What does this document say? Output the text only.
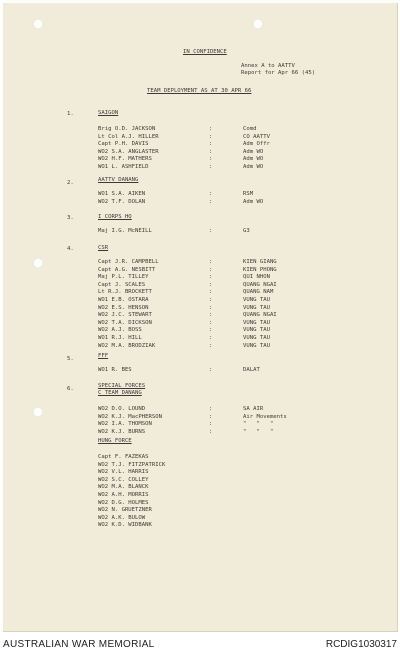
IN CONFIDENCE
Annex A to AATTV
Report for Apr 66 (45)
TEAM DEPLOYMENT AS AT 30 APR 66
1.	SAIGON
Brig O.D. JACKSON	:	Comd
Lt Col A.J. HILLER	:	CO AATTV
Capt P.H. DAVIS	:	Adm Offr
WO2 S.A. ANGLASTER	:	Adm WO
WO2 H.F. MATHERS	:	Adm WO
WO1 L. ASHFIELD	:	Adm WO
2.	AATTV DANANG
WO1 S.A. AIKEN	:	RSM
WO2 T.F. DOLAN	:	Adm WO
3.	I CORPS HQ
Maj I.G. McNEILL	:	G3
4.	CSR
Capt J.R. CAMPBELL	:	KIEN GIANG
Capt A.G. NESBITT	:	KIEN PHONG
Maj P.L. TILLEY	:	QUI NHON
Capt J. SCALES	:	QUANG NGAI
Lt R.J. BROCKETT	:	QUANG NAM
WO1 E.B. OSTARA	:	VUNG TAU
WO2 E.S. HENSON	:	VUNG TAU
WO2 J.C. STEWART	:	QUANG NGAI
WO2 T.A. DICKSON	:	VUNG TAU
WO2 A.J. BOSS	:	VUNG TAU
WO1 R.J. HILL	:	VUNG TAU
WO2 M.A. BRODZIAK	:	VUNG TAU
5.	FFF
WO1 R. BES	:	DALAT
6.	SPECIAL FORCES
C TEAM DANANG
WO2 D.O. LOUND	:	SA AIR
WO2 K.J. MacPHERSON	:	Air Movements
WO2 I.A. THOMSON	:	"   "   "
WO2 K.J. BURNS	:	"   "   "
HUNG FORCE
Capt F. FAZEKAS
WO2 T.J. FITZPATRICK
WO2 V.L. HARRIS
WO2 S.C. COLLEY
WO2 M.A. BLANCK
WO2 A.H. MORRIS
WO2 D.G. HOLMES
WO2 N. GRUETZNER
WO2 A.K. BULOW
WO2 K.D. WIDBANK
AUSTRALIAN WAR MEMORIAL	RCDIG1030317
